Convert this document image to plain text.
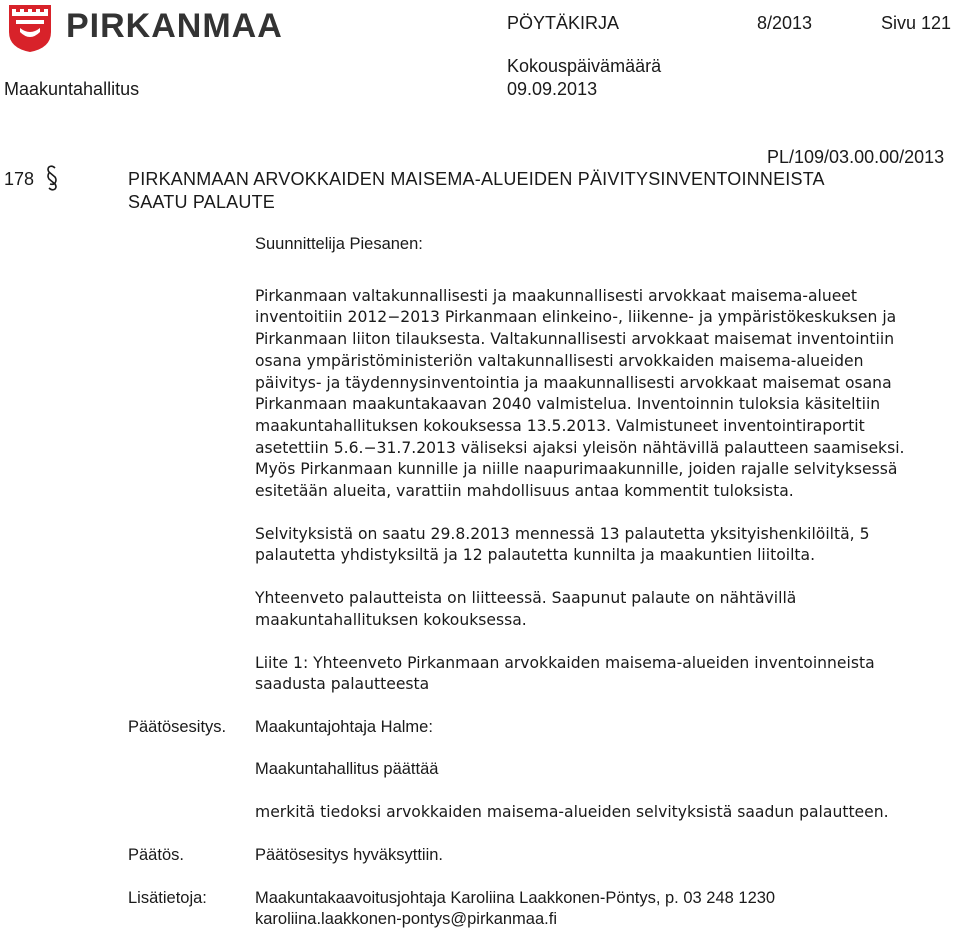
PIRKANMAA	PÖYTÄKIRJA	8/2013	Sivu 121
Maakuntahallitus
Kokouspäivämäärä
09.09.2013
PL/109/03.00.00/2013
178	PIRKANMAAN ARVOKKAIDEN MAISEMA-ALUEIDEN PÄIVITYSINVENTOINNEISTA
SAATU PALAUTE

Suunnittelija Piesanen:

Pirkanmaan valtakunnallisesti ja maakunnallisesti arvokkaat maisema-alueet

inventoitiin 2012−2013 Pirkanmaan elinkeino-, liikenne- ja ympäristökeskuksen ja

Pirkanmaan liiton tilauksesta. Valtakunnallisesti arvokkaat maisemat inventointiin

osana ympäristöministeriön valtakunnallisesti arvokkaiden maisema-alueiden

päivitys- ja täydennysinventointia ja maakunnallisesti arvokkaat maisemat osana

Pirkanmaan maakuntakaavan 2040 valmistelua. Inventoinnin tuloksia käsiteltiin

maakuntahallituksen kokouksessa 13.5.2013. Valmistuneet inventointiraportit

asetettiin 5.6.−31.7.2013 väliseksi ajaksi yleisön nähtävillä palautteen saamiseksi.

Myös Pirkanmaan kunnille ja niille naapurimaakunnille, joiden rajalle selvityksessä

esitetään alueita, varattiin mahdollisuus antaa kommentit tuloksista.

Selvityksistä on saatu 29.8.2013 mennessä 13 palautetta yksityishenkilöiltä, 5

palautetta yhdistyksiltä ja 12 palautetta kunnilta ja maakuntien liitoilta.

Yhteenveto palautteista on liitteessä. Saapunut palaute on nähtävillä

maakuntahallituksen kokouksessa.

Liite 1: Yhteenveto Pirkanmaan arvokkaiden maisema-alueiden inventoinneista

saadusta palautteesta

Päätösesitys. Maakuntajohtaja Halme:
Maakuntahallitus päättää
merkitä tiedoksi arvokkaiden maisema-alueiden selvityksistä saadun palautteen.
Päätös.	Päätösesitys hyväksyttiin.
Lisätietoja:	Maakuntakaavoitusjohtaja Karoliina Laakkonen-Pöntys, p. 03 248 1230
karoliina.laakkonen-pontys@pirkanmaa.fi
